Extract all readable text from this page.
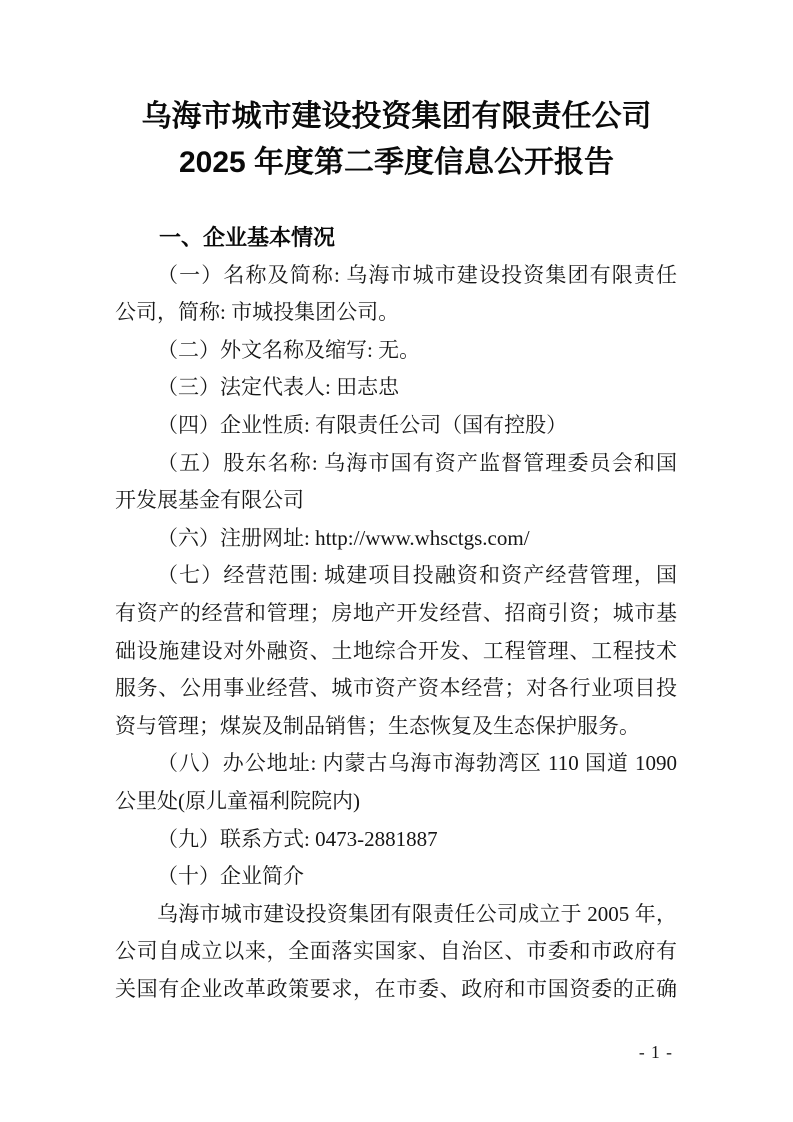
乌海市城市建设投资集团有限责任公司
2025 年度第二季度信息公开报告
一、企业基本情况
（一）名称及简称: 乌海市城市建设投资集团有限责任
公司，简称: 市城投集团公司。
（二）外文名称及缩写: 无。
（三）法定代表人: 田志忠
（四）企业性质: 有限责任公司（国有控股）
（五）股东名称: 乌海市国有资产监督管理委员会和国
开发展基金有限公司
（六）注册网址: http://www.whsctgs.com/
（七）经营范围: 城建项目投融资和资产经营管理，国
有资产的经营和管理；房地产开发经营、招商引资；城市基
础设施建设对外融资、土地综合开发、工程管理、工程技术
服务、公用事业经营、城市资产资本经营；对各行业项目投
资与管理；煤炭及制品销售；生态恢复及生态保护服务。
（八）办公地址: 内蒙古乌海市海勃湾区 110 国道 1090
公里处(原儿童福利院院内)
（九）联系方式: 0473-2881887
（十）企业简介
乌海市城市建设投资集团有限责任公司成立于 2005 年，
公司自成立以来，全面落实国家、自治区、市委和市政府有
关国有企业改革政策要求，在市委、政府和市国资委的正确
- 1 -
